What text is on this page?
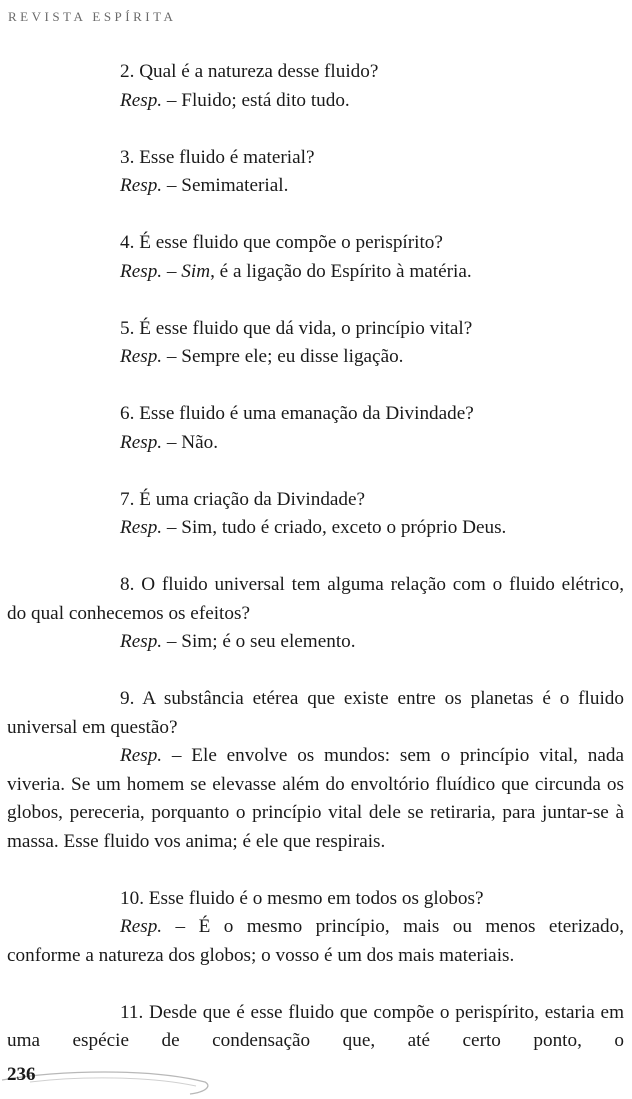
REVISTA ESPÍRITA
2. Qual é a natureza desse fluido?
Resp. – Fluido; está dito tudo.
3. Esse fluido é material?
Resp. – Semimaterial.
4. É esse fluido que compõe o perispírito?
Resp. – Sim, é a ligação do Espírito à matéria.
5. É esse fluido que dá vida, o princípio vital?
Resp. – Sempre ele; eu disse ligação.
6. Esse fluido é uma emanação da Divindade?
Resp. – Não.
7. É uma criação da Divindade?
Resp. – Sim, tudo é criado, exceto o próprio Deus.
8. O fluido universal tem alguma relação com o fluido elétrico, do qual conhecemos os efeitos?
Resp. – Sim; é o seu elemento.
9. A substância etérea que existe entre os planetas é o fluido universal em questão?
Resp. – Ele envolve os mundos: sem o princípio vital, nada viveria. Se um homem se elevasse além do envoltório fluídico que circunda os globos, pereceria, porquanto o princípio vital dele se retiraria, para juntar-se à massa. Esse fluido vos anima; é ele que respirais.
10. Esse fluido é o mesmo em todos os globos?
Resp. – É o mesmo princípio, mais ou menos eterizado, conforme a natureza dos globos; o vosso é um dos mais materiais.
11. Desde que é esse fluido que compõe o perispírito, estaria em uma espécie de condensação que, até certo ponto, o
236
